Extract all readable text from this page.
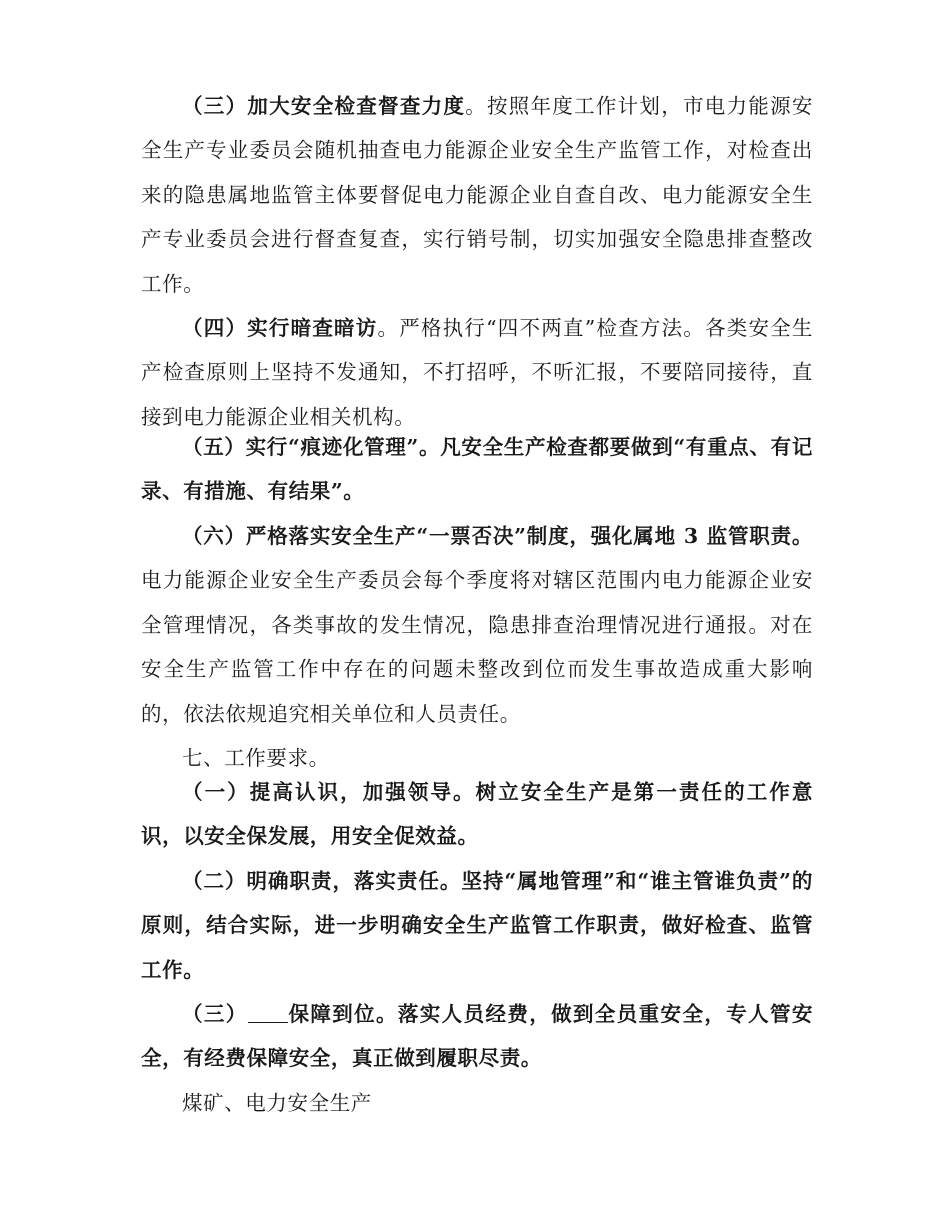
（三）加大安全检查督查力度。按照年度工作计划，市电力能源安全生产专业委员会随机抽查电力能源企业安全生产监管工作，对检查出来的隐患属地监管主体要督促电力能源企业自查自改、电力能源安全生产专业委员会进行督查复查，实行销号制，切实加强安全隐患排查整改工作。

（四）实行暗查暗访。严格执行“四不两直”检查方法。各类安全生产检查原则上坚持不发通知，不打招呼，不听汇报，不要陪同接待，直接到电力能源企业相关机构。

（五）实行“痕迹化管理”。凡安全生产检查都要做到“有重点、有记录、有措施、有结果”。

（六）严格落实安全生产“一票否决”制度，强化属地 3 监管职责。电力能源企业安全生产委员会每个季度将对辖区范围内电力能源企业安全管理情况，各类事故的发生情况，隐患排查治理情况进行通报。对在安全生产监管工作中存在的问题未整改到位而发生事故造成重大影响的，依法依规追究相关单位和人员责任。

七、工作要求。

（一）提高认识，加强领导。树立安全生产是第一责任的工作意识，以安全保发展，用安全促效益。

（二）明确职责，落实责任。坚持“属地管理”和“谁主管谁负责”的原则，结合实际，进一步明确安全生产监管工作职责，做好检查、监管工作。

（三） 保障到位。落实人员经费，做到全员重安全，专人管安全，有经费保障安全，真正做到履职尽责。

煤矿、电力安全生产
